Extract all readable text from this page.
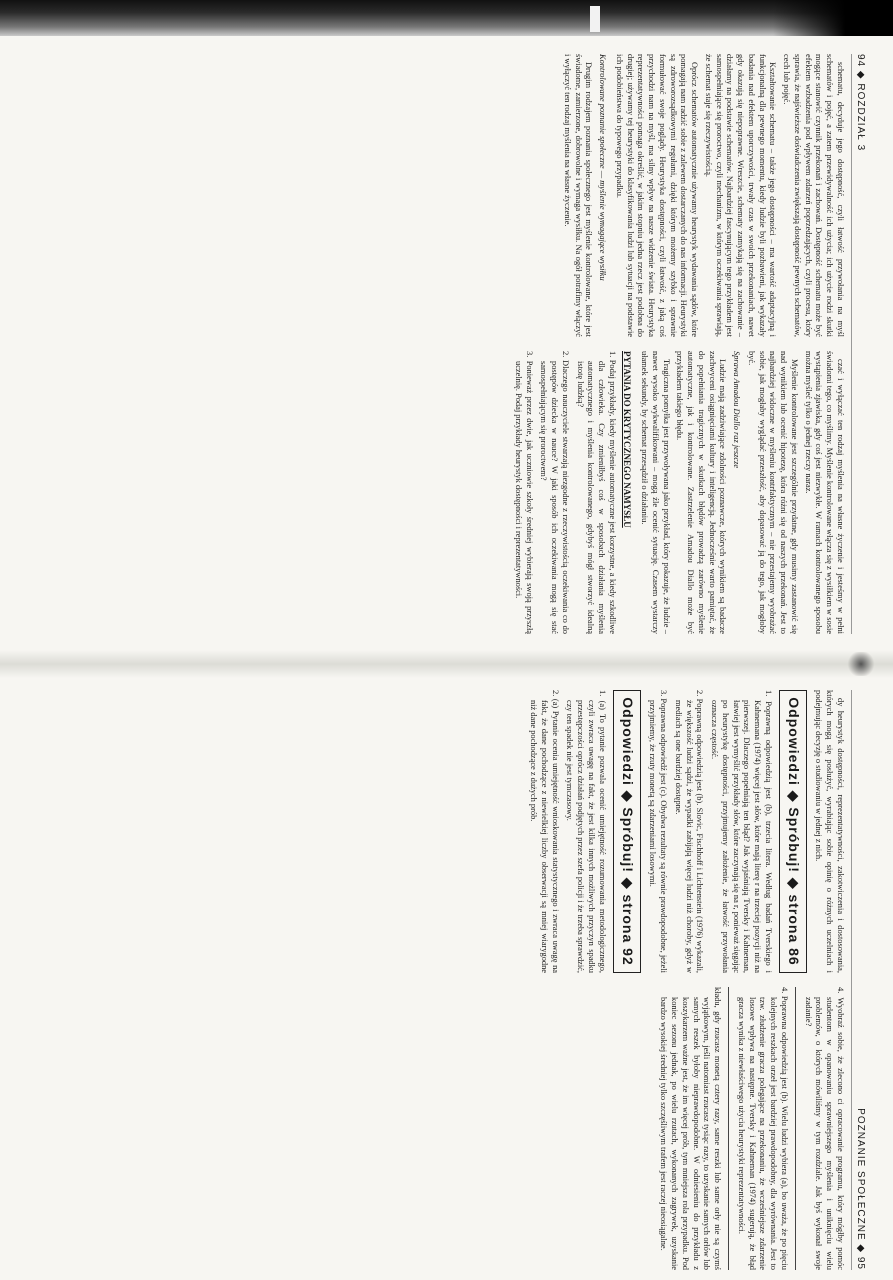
94 ◆ ROZDZIAŁ 3

schematu, decyduje jego dostępność, czyli łatwość przywołania na myśl schematów i pojęć, a zatem przewidywalność ich użycia; ich użycie rodzi skutki mogące stanowić czynnik przekonań i zachowań. Dostępność schematu może być efektem wzbudzenia pod wpływem zdarzeń poprzedzających, czyli procesu, który sprawia, że najświeższe doświadczenia zwiększają dostępność pewnych schematów, cech lub pojęć.

Kształtowanie schematu – także jego dostępności – ma wartość adaptacyjną i funkcjonalną dla pewnego momentu, kiedy ludzie byli pozbawieni, jak wykazały badania nad efektem uporczywości, trwały czas w swoich przekonaniach, nawet gdy okazują się niepoprawne. Wreszcie, schematy zamykają się na zachowanie – działamy na podstawie schematów. Najbardziej fascynującym tego przykładem jest samospełniające się proroctwo, czyli mechanizm, w którym oczekiwania sprawiają, że schemat staje się rzeczywistością.

Oprócz schematów automatycznie używamy heurystyk wydawania sądów, które pomagają nam radzić sobie z zalewem dostarczanych do nas informacji. Heurystyki są zdroworozsądkowymi regułami, dzięki którym możemy szybko i sprawnie formułować swoje poglądy. Heurystyka dostępności, czyli łatwość, z jaką coś przychodzi nam na myśl, ma silny wpływ na nasze widzenie świata. Heurystyka reprezentatywności pomaga określić, w jakim stopniu jedna rzecz jest podobna do drugiej; używamy tej heurystyki do klasyfikowania ludzi lub sytuacji na podstawie ich podobieństwa do typowego przypadku.

Kontrolowane poznanie społeczne — myślenie wymagające wysiłku

Drugim rodzajem poznania społecznego jest myślenie kontrolowane, które jest świadome, zamierzone, dobrowolne i wymaga wysiłku. Na ogół potrafimy włączyć i wyłączyć ten rodzaj myślenia na własne życzenie.

czać i wyłączać ten rodzaj myślenia na własne życzenie i jesteśmy w pełni świadomi tego, co myślimy. Myślenie kontrolowane włącza się z wysiłkiem w sosie wystąpienia zjawiska, gdy coś jest niezwykłe. W ramach kontrolowanego sposobu można myśleć tylko o jednej rzeczy naraz.

Myślenie kontrolowane jest szczególnie przydatne, gdy musimy zastanowić się nad wynikiem lub ocenić hipotezę, która różni się od naszych przekonań. Jest to najbardziej widoczne w myśleniu kontrfaktycznym – nie przestajemy wyobrażać sobie, jak mogłaby wyglądać przeszłość, aby dopasować ją do tego, jak mogłoby być.

Sprawa Amadou Diallo raz jeszcze

Ludzie mają zadziwiające zdolności poznawcze, których wynikiem są badacze zachwyceni osiągnięciami kultury i inteligencją. Jednocześnie warto pamiętać, że do popełniania tragicznych w skutkach błędów prowadzą zarówno myślenie automatyczne, jak i kontrolowane. Zastrzelenie Amadou Diallo może być przykładem takiego błędu.

Tragiczna pomyłka jest przywoływana jako przykład, który pokazuje, że ludzie – nawet wysoko wykwalifikowani – mogą źle ocenić sytuację. Czasem wystarczy ułamek sekundy, by schemat przesądził o działaniu.

PYTANIA DO KRYTYCZNEGO NAMYSŁU
1. Podaj przykłady, kiedy myślenie automatyczne jest korzystne, a kiedy szkodliwe dla człowieka. Czy zmieniłbyś coś w sposobach działania myślenia automatycznego i myślenia kontrolowanego, gdybyś mógł stworzyć idealną istotę ludzką?
2. Dlaczego nauczyciele stwarzają niezgodne z rzeczywistością oczekiwania co do postępów dziecka w nauce? W jaki sposób ich oczekiwania mogą się stać samospełniającym się proroctwem?
3. Ponieważ przez dwie, jak uczniowie szkoły średniej wybierają swoją przyszłą uczelnię. Podaj przykłady heurystyk dostępności i reprezentatywności.
POZNANIE SPOŁECZNE ◆ 95

dy heurystyk dostępności, reprezentatywności, zakotwiczenia i dostosowania, których mogą się posłużyć, wyrabiając sobie opinię o różnych uczelniach i podejmując decyzję o studiowaniu w jednej z nich.

Odpowiedzi ◆ Spróbuj! ◆ strona 86
1. Poprawną odpowiedzią jest (b), trzecia litera. Według badań Tverskiego i Kahnemana (1974) więcej jest słów, które mają literę r na trzeciej pozycji niż na pierwszej. Dlaczego popełniają ten błąd? Jak wyjaśniają Tversky i Kahneman, łatwiej jest wymyślić przykłady słów, które zaczynają się na r, ponieważ sięgając po heurystykę dostępności, przyjmujemy założenie, że łatwość przywołania oznacza częstość.
2. Poprawną odpowiedzią jest (b). Slovic, Fischhoff i Lichtenstein (1976) wykazali, że większość ludzi sądzi, że wypadki zabijają więcej ludzi niż choroby, gdyż w mediach są one bardziej dostępne.
3. Poprawna odpowiedź jest (c). Obydwa rezultaty są równie prawdopodobne, jeżeli przyjmiemy, że rzuty monetą są zdarzeniami losowymi.
Odpowiedzi ◆ Spróbuj! ◆ strona 92
1. (a) To pytanie pozwala ocenić umiejętność rozumowania metodologicznego, czyli zwraca uwagę na fakt, że jest kilka innych możliwych przyczyn spadku przestępczości oprócz działań podjętych przez szefa policji i że trzeba sprawdzić, czy ten spadek nie jest tymczasowy.
2. (a) Pytanie ocenia umiejętność wnioskowania statystycznego i zwraca uwagę na fakt, że dane pochodzące z niewielkiej liczby obserwacji są mniej wiarygodne niż dane pochodzące z dużych prób.
4. Wyobraź sobie, że zlecono ci opracowanie programu, który mógłby pomóc studentom w opanowaniu sprawniejszego myślenia i uniknięciu wielu problemów, o których mówiliśmy w tym rozdziale. Jak byś wykonał swoje zadanie?
4. Poprawna odpowiedzią jest (b). Wielu ludzi wybiera (a), bo uważa, że po pięciu kolejnych reszkach orzeł jest bardziej prawdopodobny, dla wyrównania. Jest to tzw. złudzenie gracza polegające na przekonaniu, że wcześniejsze zdarzenie losowe wpływa na następne. Tversky i Kahneman (1974) sugerują, że błąd gracza wynika z niewłaściwego użycia heurystyki reprezentatywności.
kładu, gdy rzucasz monetą cztery razy, same reszki lub same orły nie są czymś wyjątkowym, jeśli natomiast rzucasz tysiąc razy, to uzyskanie samych orłów lub samych reszek byłoby nieprawdopodobne. W odniesieniu do przykładu z koszykarzem ważne jest, że im więcej prób, tym mniejsza rola przypadku. Pod koniec sezonu jednak, po wielu rzutach, wykonanych zagrywek, uzyskanie bardzo wysokiej średniej tylko szczęśliwym trafem jest raczej nieosiągalne.
